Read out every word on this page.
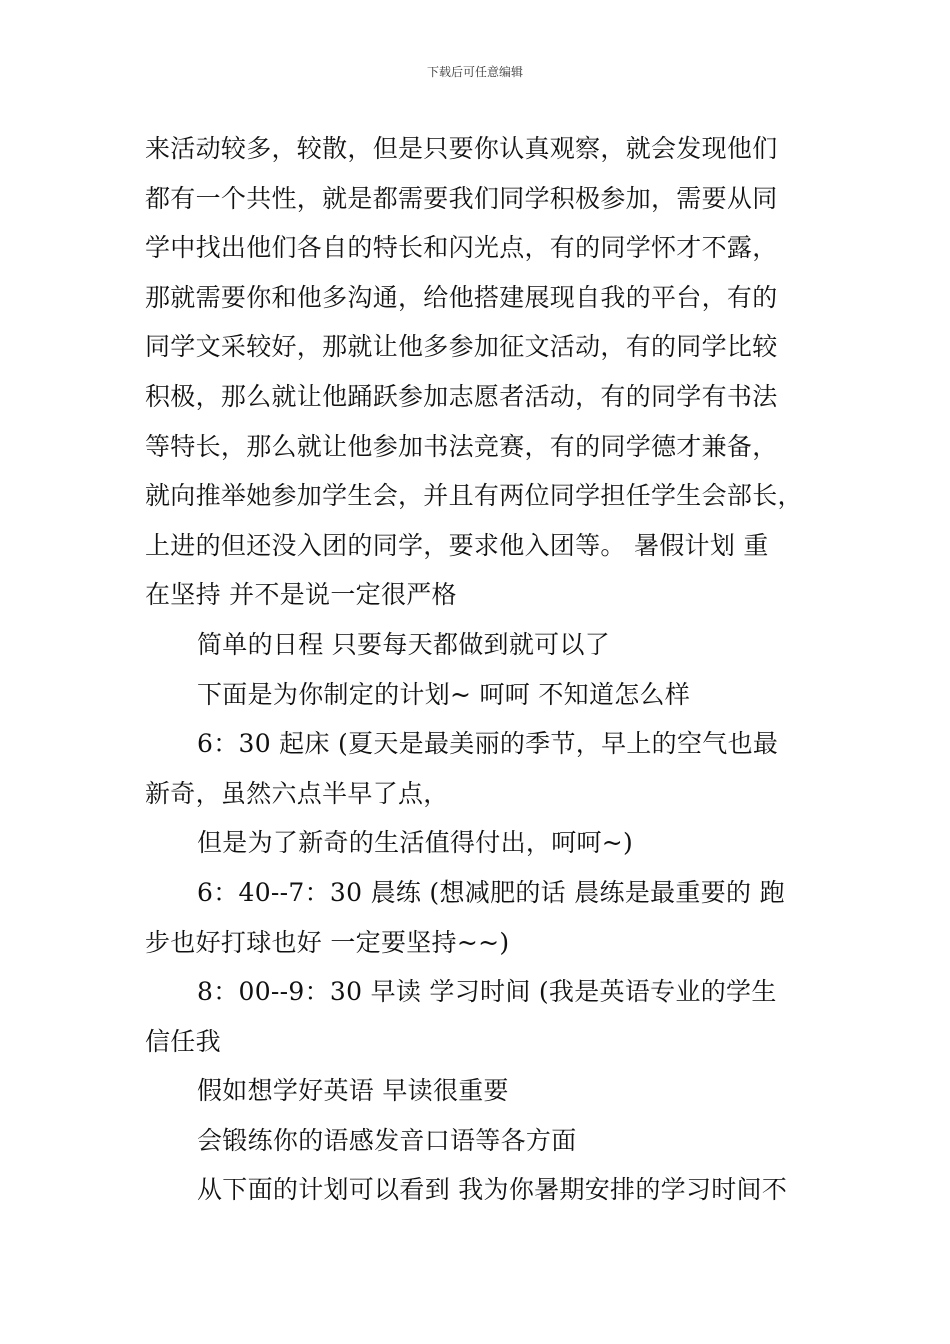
下载后可任意编辑
来活动较多，较散，但是只要你认真观察，就会发现他们
都有一个共性，就是都需要我们同学积极参加，需要从同
学中找出他们各自的特长和闪光点，有的同学怀才不露，
那就需要你和他多沟通，给他搭建展现自我的平台，有的
同学文采较好，那就让他多参加征文活动，有的同学比较
积极，那么就让他踊跃参加志愿者活动，有的同学有书法
等特长，那么就让他参加书法竞赛，有的同学德才兼备，
就向推举她参加学生会，并且有两位同学担任学生会部长，
上进的但还没入团的同学，要求他入团等。 暑假计划 重
在坚持 并不是说一定很严格
简单的日程 只要每天都做到就可以了
下面是为你制定的计划~ 呵呵 不知道怎么样
6：30 起床 (夏天是最美丽的季节，早上的空气也最
新奇，虽然六点半早了点，
但是为了新奇的生活值得付出，呵呵~)
6：40--7：30 晨练 (想减肥的话 晨练是最重要的 跑
步也好打球也好 一定要坚持~~)
8：00--9：30 早读 学习时间 (我是英语专业的学生
信任我
假如想学好英语 早读很重要
会锻练你的语感发音口语等各方面
从下面的计划可以看到 我为你暑期安排的学习时间不
